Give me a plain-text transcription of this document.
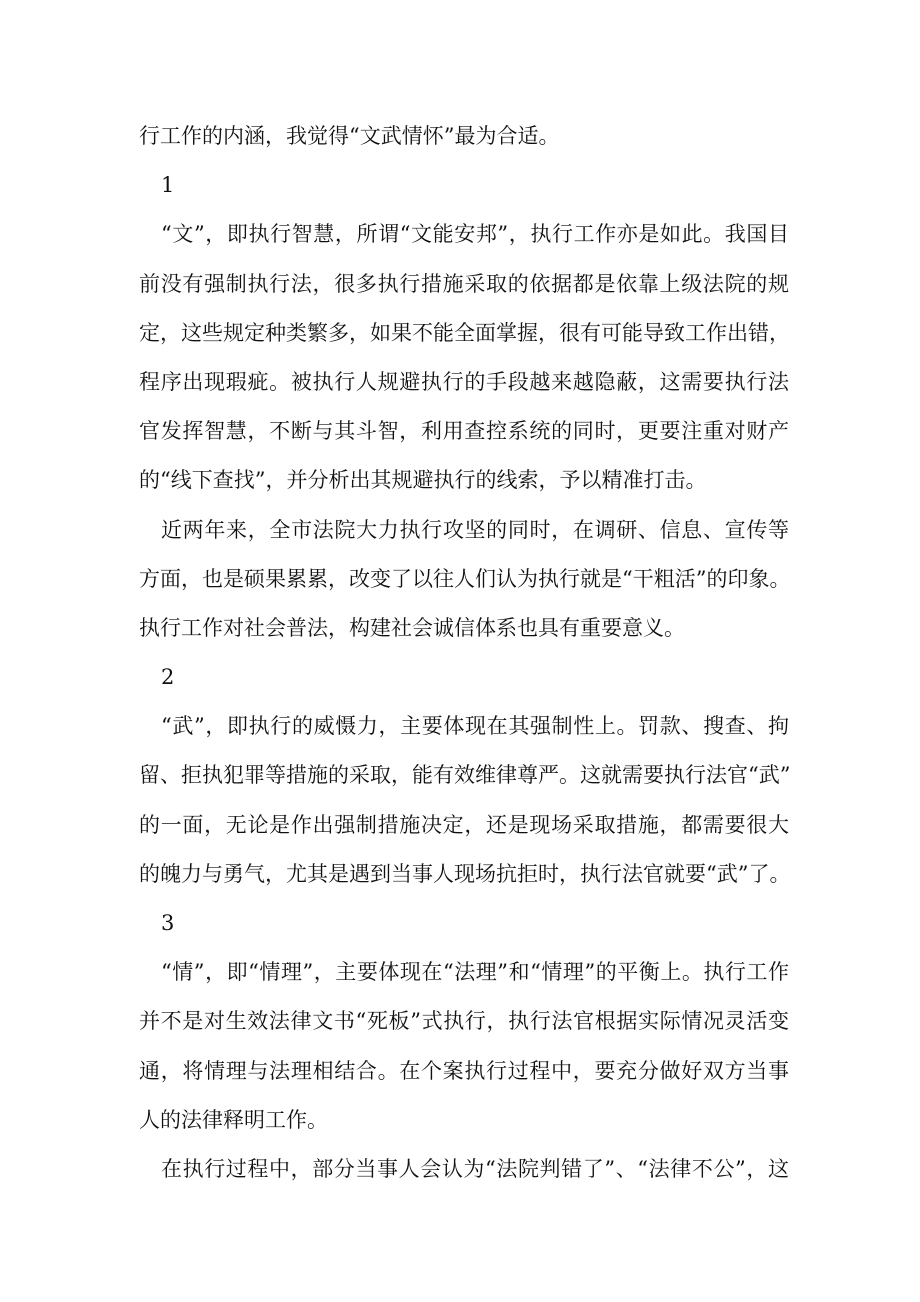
行工作的内涵，我觉得“文武情怀”最为合适。
1
“文”，即执行智慧，所谓“文能安邦”，执行工作亦是如此。我国目
前没有强制执行法，很多执行措施采取的依据都是依靠上级法院的规
定，这些规定种类繁多，如果不能全面掌握，很有可能导致工作出错，
程序出现瑕疵。被执行人规避执行的手段越来越隐蔽，这需要执行法
官发挥智慧，不断与其斗智，利用查控系统的同时，更要注重对财产
的“线下查找”，并分析出其规避执行的线索，予以精准打击。
近两年来，全市法院大力执行攻坚的同时，在调研、信息、宣传等
方面，也是硕果累累，改变了以往人们认为执行就是“干粗活”的印象。
执行工作对社会普法，构建社会诚信体系也具有重要意义。
2
“武”，即执行的威慑力，主要体现在其强制性上。罚款、搜查、拘
留、拒执犯罪等措施的采取，能有效维律尊严。这就需要执行法官“武”
的一面，无论是作出强制措施决定，还是现场采取措施，都需要很大
的魄力与勇气，尤其是遇到当事人现场抗拒时，执行法官就要“武”了。
3
“情”，即“情理”，主要体现在“法理”和“情理”的平衡上。执行工作
并不是对生效法律文书“死板”式执行，执行法官根据实际情况灵活变
通，将情理与法理相结合。在个案执行过程中，要充分做好双方当事
人的法律释明工作。
在执行过程中，部分当事人会认为“法院判错了”、“法律不公”，这
